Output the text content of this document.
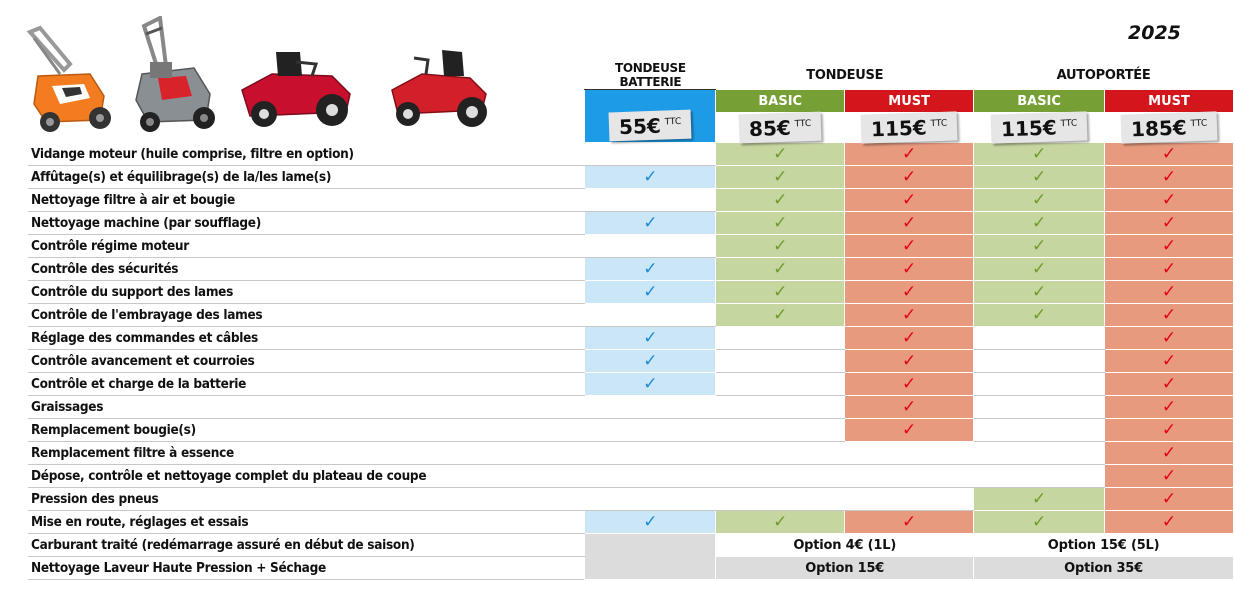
2025
	TONDEUSE BATTERIE	TONDEUSE		AUTOPORTÉE	
	55€ $^{TTC}$	BASIC	MUST	BASIC	MUST
		85€ $^{TTC}$	115€ $^{TTC}$	115€ $^{TTC}$	185€ $^{TTC}$
Vidange moteur (huile comprise, filtre en option)		✓	✓	✓	✓
Affûtage(s) et équilibrage(s) de la/les lame(s)	✓	✓	✓	✓	✓
Nettoyage filtre à air et bougie		✓	✓	✓	✓
Nettoyage machine (par soufflage)	✓	✓	✓	✓	✓
Contrôle régime moteur		✓	✓	✓	✓
Contrôle des sécurités	✓	✓	✓	✓	✓
Contrôle du support des lames	✓	✓	✓	✓	✓
Contrôle de l'embrayage des lames		✓	✓	✓	✓
Réglage des commandes et câbles	✓		✓		✓
Contrôle avancement et courroies	✓		✓		✓
Contrôle et charge de la batterie	✓		✓		✓
Graissages			✓		✓
Remplacement bougie(s)			✓		✓
Remplacement filtre à essence					✓
Dépose, contrôle et nettoyage complet du plateau de coupe					✓
Pression des pneus				✓	✓
Mise en route, réglages et essais	✓	✓	✓	✓	✓
Carburant traité (redémarrage assuré en début de saison)		Option 4€ (1L)		Option 15€ (5L)	
Nettoyage Laveur Haute Pression + Séchage		Option 15€		Option 35€	
